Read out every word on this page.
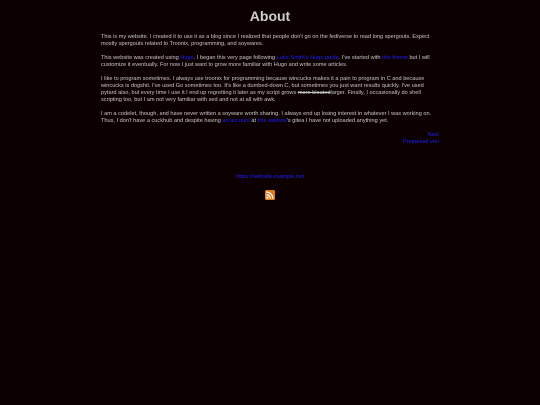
About

This is my website. I created it to use it as a blog since I realized that people don't go on the fediverse to read long spergouts. Expect mostly spergouts related to Troonix, programming, and soywares.

This website was created using Hugo. I began this very page following Luke Smith's Hugo guide. I've started with this theme but I will customize it eventually. For now I just want to grow more familiar with Hugo and write some articles.

I like to program sometimes. I always use troonix for programming because wincucks makes it a pain to program in C and because wincucks is dogshit. I've used Go sometimes too. It's like a dumbed-down C, but sometimes you just want results quickly. I've used pytard also, but every time I use it I end up regretting it later as my script grows more bloatedlarger. Finally, I occasionally do shell scripting too, but I am not very familiar with sed and not at all with awk.

I am a codelet, though, and have never written a soyware worth sharing. I always end up losing interest in whatever I was working on. Thus, I don't have a cuckhub and despite having an account at this website's gitea I have not uploaded anything yet.

Next

Prepanuel von

https://website.example.net
